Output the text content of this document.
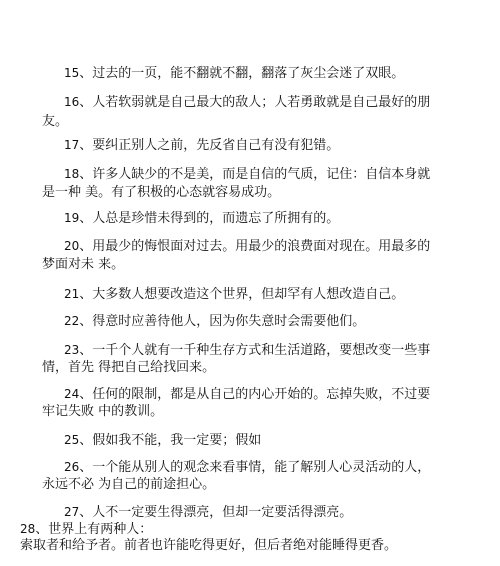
15、过去的一页，能不翻就不翻，翻落了灰尘会迷了双眼。
16、人若软弱就是自己最大的敌人；人若勇敢就是自己最好的朋
友。
17、要纠正别人之前，先反省自己有没有犯错。
18、许多人缺少的不是美，而是自信的气质，记住：自信本身就
是一种 美。有了积极的心态就容易成功。
19、人总是珍惜未得到的，而遗忘了所拥有的。
20、用最少的悔恨面对过去。用最少的浪费面对现在。用最多的
梦面对未 来。
21、大多数人想要改造这个世界，但却罕有人想改造自己。
22、得意时应善待他人，因为你失意时会需要他们。
23、一千个人就有一千种生存方式和生活道路，要想改变一些事
情，首先 得把自己给找回来。
24、任何的限制，都是从自己的内心开始的。忘掉失败，不过要
牢记失败 中的教训。
25、假如我不能，我一定要；假如
26、一个能从别人的观念来看事情，能了解别人心灵活动的人，
永远不必 为自己的前途担心。
27、人不一定要生得漂亮，但却一定要活得漂亮。
28、世界上有两种人：
索取者和给予者。前者也许能吃得更好，但后者绝对能睡得更香。
